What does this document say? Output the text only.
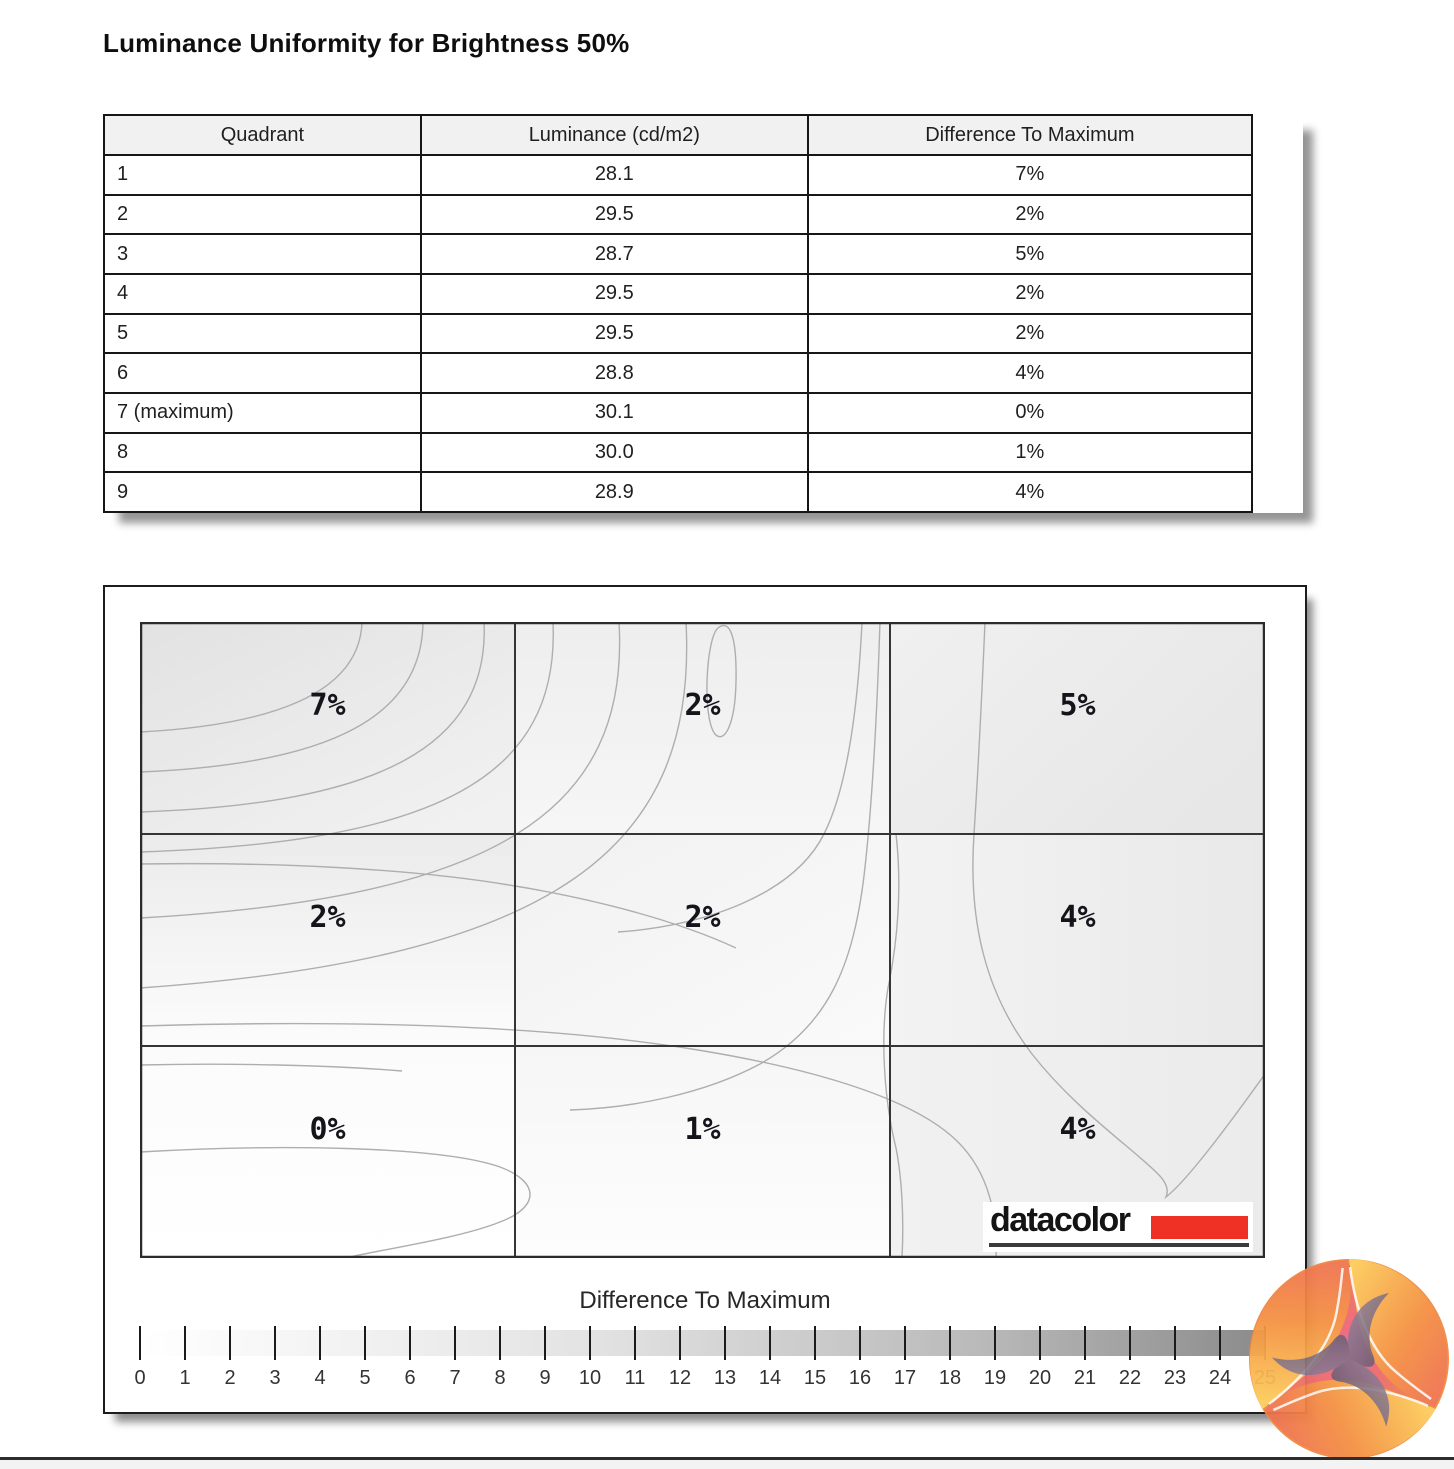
Luminance Uniformity for Brightness 50%
Quadrant	Luminance (cd/m2)	Difference To Maximum
1	28.1	7%
2	29.5	2%
3	28.7	5%
4	29.5	2%
5	29.5	2%
6	28.8	4%
7 (maximum)	30.1	0%
8	30.0	1%
9	28.9	4%
datacolor
7%	2%	5%
2%	2%	4%
0%	1%	4%
Difference To Maximum
0	1	2	3	4	5	6	7	8	9	10	11	12	13	14	15	16	17	18	19	20	21	22	23	24
